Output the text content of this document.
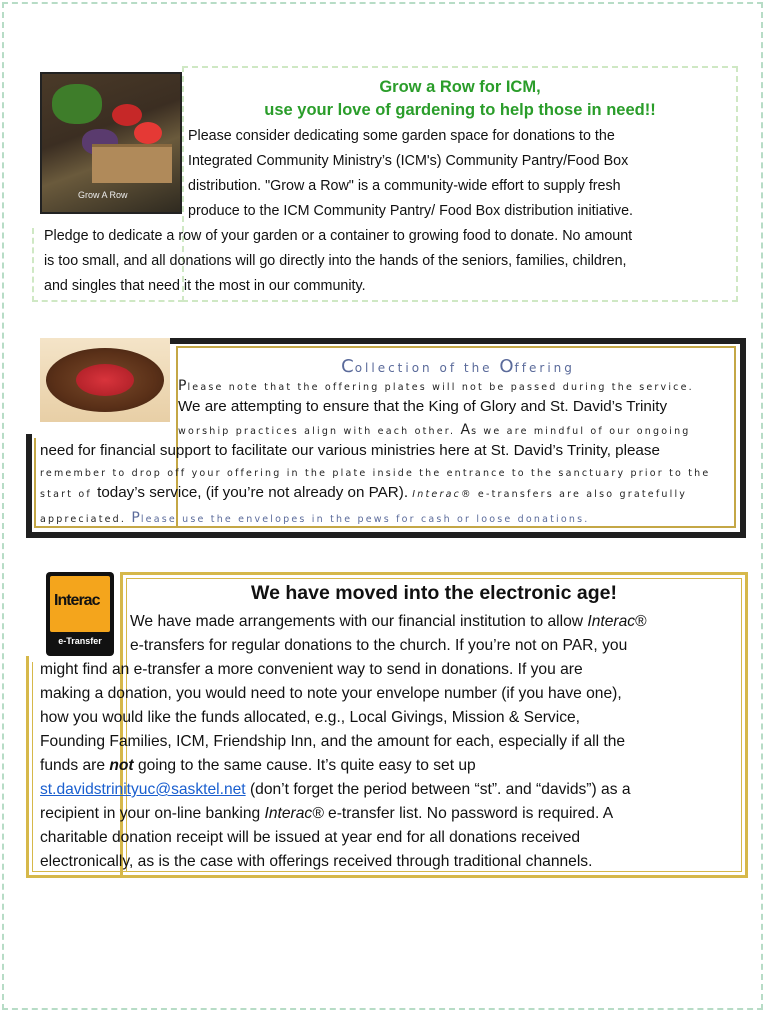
Grow A Row
Grow a Row for ICM,
use your love of gardening to help those in need!!
Please consider dedicating some garden space for donations to the
Integrated Community Ministry’s (ICM's) Community Pantry/Food Box
distribution. "Grow a Row" is a community-wide effort to supply fresh
produce to the ICM Community Pantry/ Food Box distribution initiative.
Pledge to dedicate a row of your garden or a container to growing food to donate. No amount
is too small, and all donations will go directly into the hands of the seniors, families, children,
and singles that need it the most in our community.
Collection of the Offering
Please note that the offering plates will not be passed during the service.
We are attempting to ensure that the King of Glory and St. David’s Trinity
worship practices align with each other. As we are mindful of our ongoing
need for financial support to facilitate our various ministries here at St. David’s Trinity, please
remember to drop off your offering in the plate inside the entrance to the sanctuary prior to the
start of today’s service, (if you’re not already on PAR). Interac® e-transfers are also gratefully
appreciated. Please use the envelopes in the pews for cash or loose donations.
Interac
e-Transfer
We have moved into the electronic age!
We have made arrangements with our financial institution to allow Interac®
e-transfers for regular donations to the church. If you’re not on PAR, you
might find an e-transfer a more convenient way to send in donations. If you are
making a donation, you would need to note your envelope number (if you have one),
how you would like the funds allocated, e.g., Local Givings, Mission & Service,
Founding Families, ICM, Friendship Inn, and the amount for each, especially if all the
funds are not going to the same cause. It’s quite easy to set up
st.davidstrinityuc@sasktel.net (don’t forget the period between “st”. and “davids”) as a
recipient in your on-line banking Interac® e-transfer list. No password is required. A
charitable donation receipt will be issued at year end for all donations received
electronically, as is the case with offerings received through traditional channels.
